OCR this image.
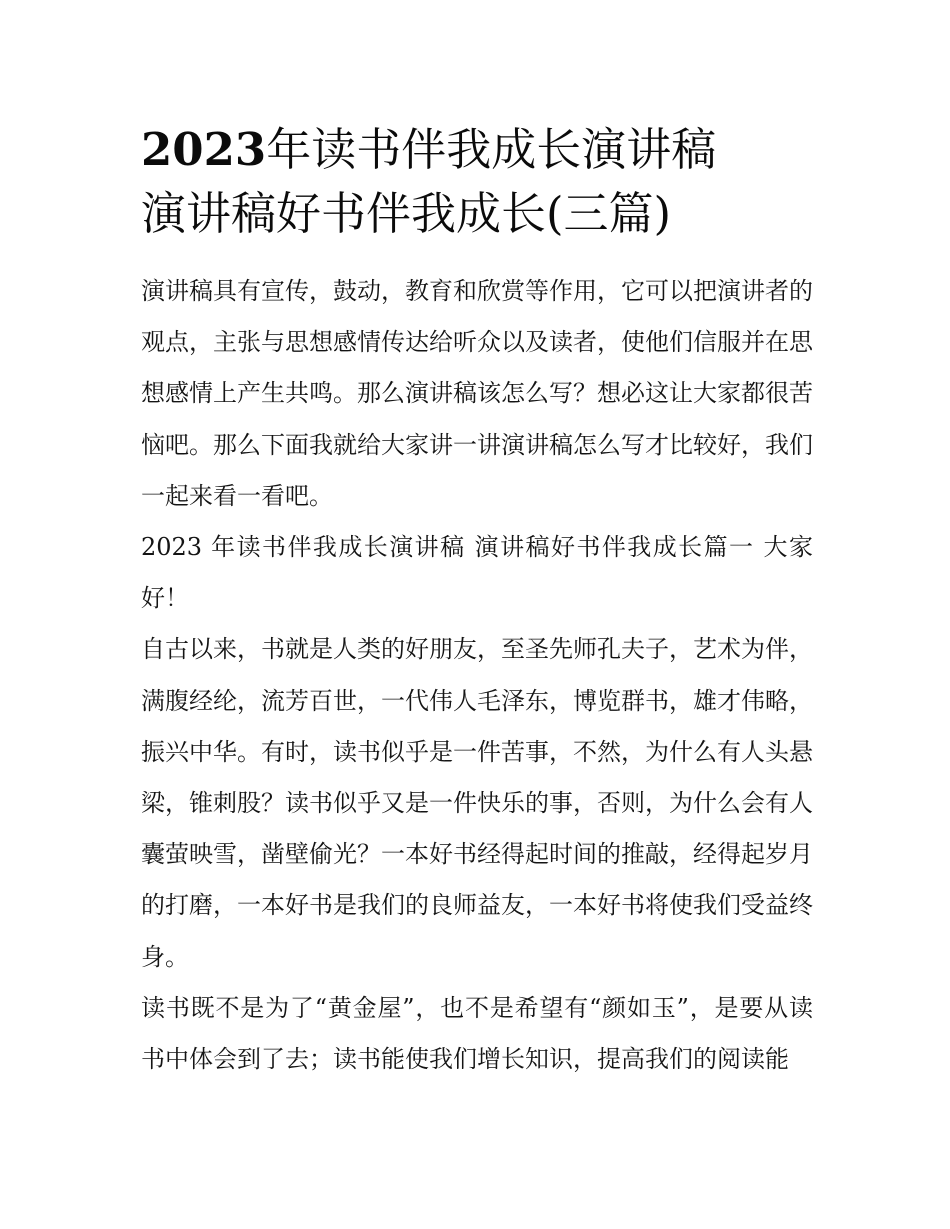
2023年读书伴我成长演讲稿
演讲稿好书伴我成长(三篇)

演讲稿具有宣传，鼓动，教育和欣赏等作用，它可以把演讲者的观点，主张与思想感情传达给听众以及读者，使他们信服并在思想感情上产生共鸣。那么演讲稿该怎么写？想必这让大家都很苦恼吧。那么下面我就给大家讲一讲演讲稿怎么写才比较好，我们一起来看一看吧。

2023 年读书伴我成长演讲稿 演讲稿好书伴我成长篇一 大家好！

自古以来，书就是人类的好朋友，至圣先师孔夫子，艺术为伴，满腹经纶，流芳百世，一代伟人毛泽东，博览群书，雄才伟略，振兴中华。有时，读书似乎是一件苦事，不然，为什么有人头悬梁，锥刺股？读书似乎又是一件快乐的事，否则，为什么会有人囊萤映雪，凿壁偷光？一本好书经得起时间的推敲，经得起岁月的打磨，一本好书是我们的良师益友，一本好书将使我们受益终身。

读书既不是为了“黄金屋”，也不是希望有“颜如玉”，是要从读书中体会到了去；读书能使我们增长知识，提高我们的阅读能
